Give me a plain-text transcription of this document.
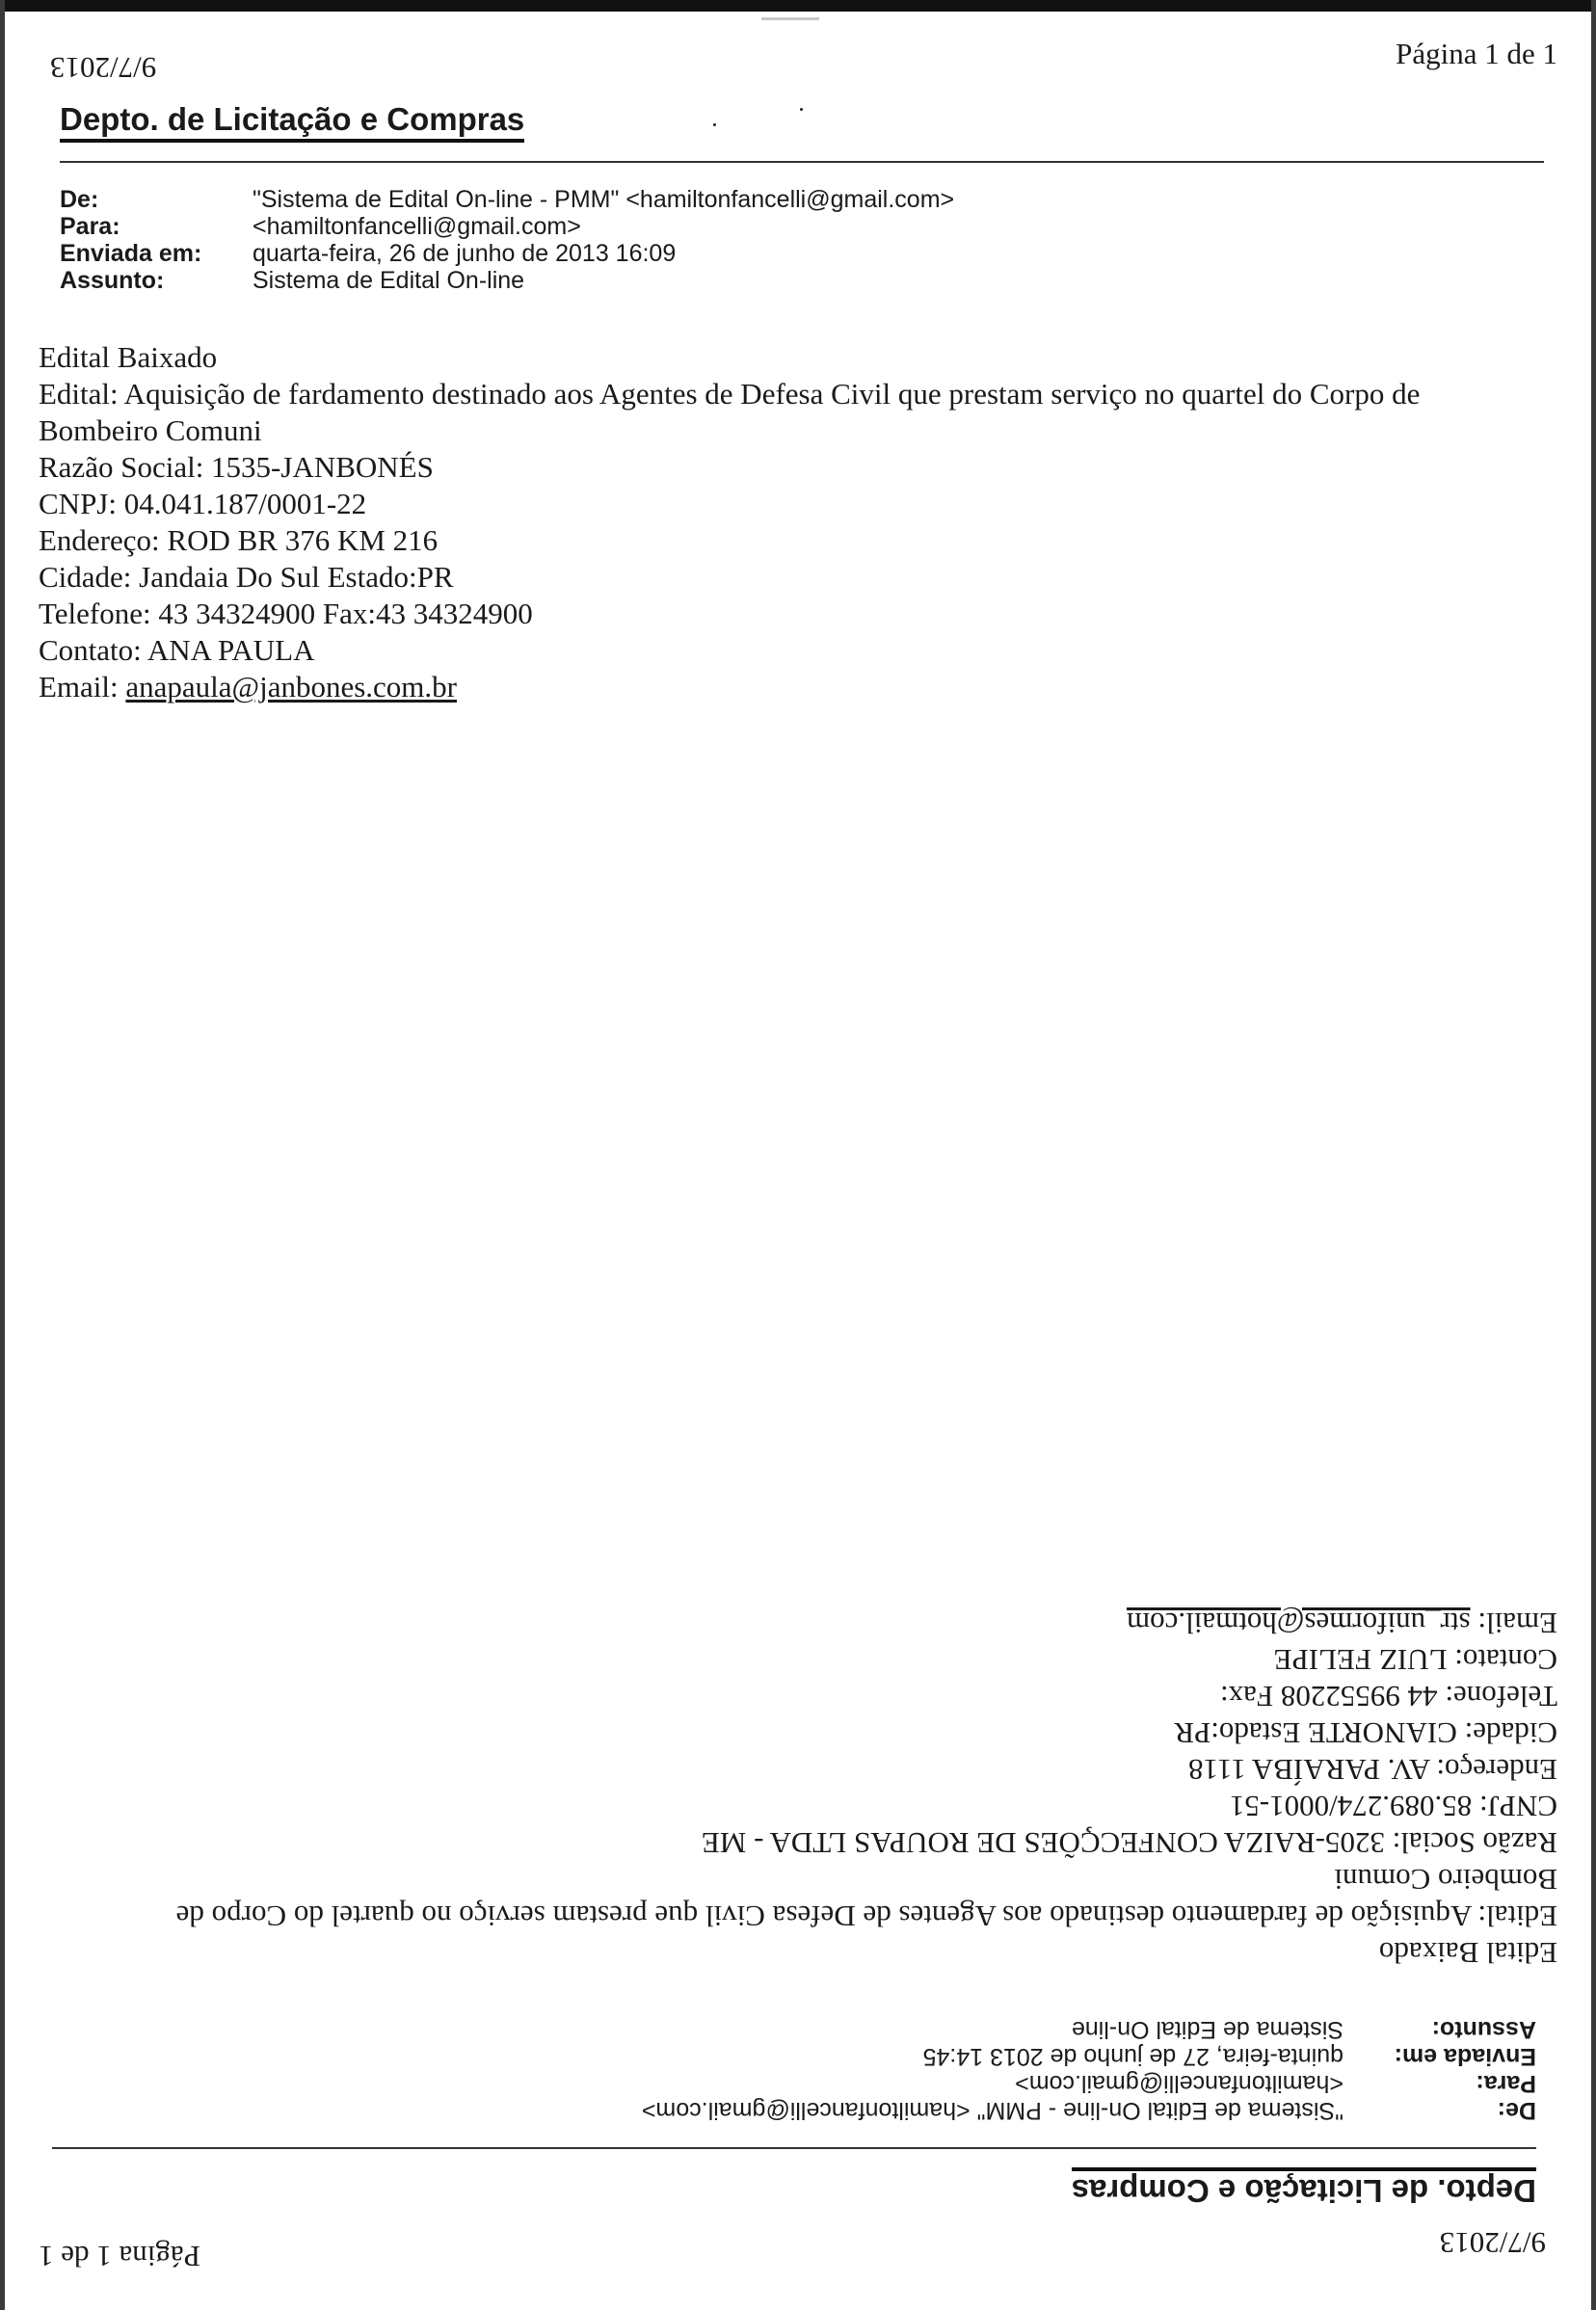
9/7/2013	Página 1 de 1
Depto. de Licitação e Compras
De:	"Sistema de Edital On-line - PMM" <hamiltonfancelli@gmail.com>
Para:	<hamiltonfancelli@gmail.com>
Enviada em:	quarta-feira, 26 de junho de 2013 16:09
Assunto:	Sistema de Edital On-line
Edital Baixado
Edital: Aquisição de fardamento destinado aos Agentes de Defesa Civil que prestam serviço no quartel do Corpo de
Bombeiro Comuni
Razão Social: 1535-JANBONÉS
CNPJ: 04.041.187/0001-22
Endereço: ROD BR 376 KM 216
Cidade: Jandaia Do Sul Estado:PR
Telefone: 43 34324900 Fax:43 34324900
Contato: ANA PAULA
Email: anapaula@janbones.com.br
9/7/2013
Página 1 de 1
Depto. de Licitação e Compras
De:
"Sistema de Edital On-line - PMM" <hamiltonfancelli@gmail.com>
Para:
<hamiltonfancelli@gmail.com>
Enviada em:
quinta-feira, 27 de junho de 2013 14:45
Assunto:
Sistema de Edital On-line
Edital Baixado
Edital: Aquisição de fardamento destinado aos Agentes de Defesa Civil que prestam serviço no quartel do Corpo de
Bombeiro Comuni
Razão Social: 3205-RAIZA CONFECÇÕES DE ROUPAS LTDA - ME
CNPJ: 85.089.274/0001-51
Endereço: AV. PARAÍBA 1118
Cidade: CIANORTE Estado:PR
Telefone: 44 99552208 Fax:
Contato: LUIZ FELIPE
Email: str_uniformes@hotmail.com
